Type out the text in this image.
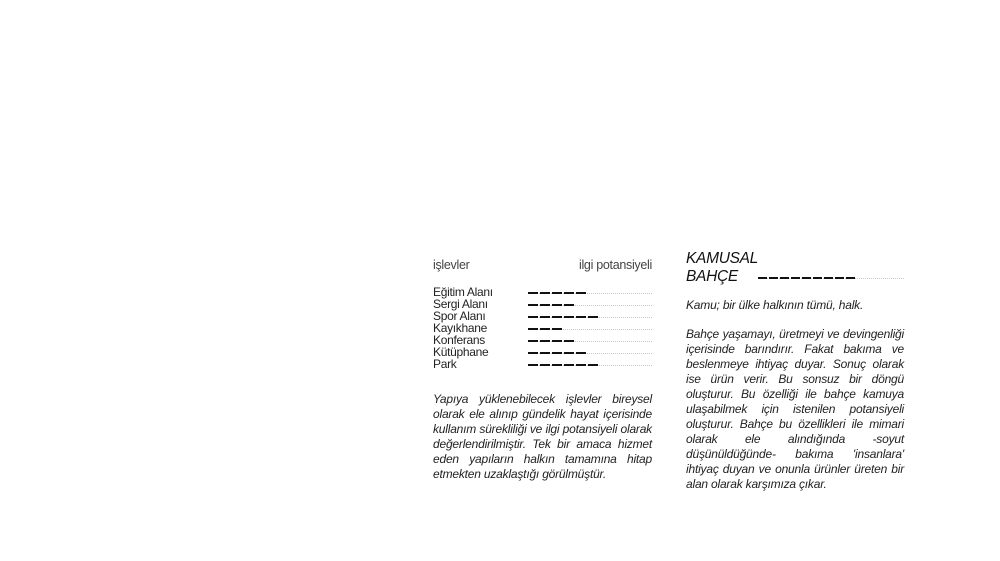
işlevler	ilgi potansiyeli
Eğitim Alanı
Sergi Alanı
Spor Alanı
Kayıkhane
Konferans
Kütüphane
Park

Yapıya yüklenebilecek işlevler bireysel olarak ele alınıp gündelik hayat içerisinde kullanım sürekliliği ve ilgi potansiyeli olarak değerlendirilmiştir. Tek bir amaca hizmet eden yapıların halkın tamamına hitap etmekten uzaklaştığı görülmüştür.

KAMUSAL
BAHÇE

Kamu; bir ülke halkının tümü, halk.

Bahçe yaşamayı, üretmeyi ve devingenliği içerisinde barındırır. Fakat bakıma ve beslenmeye ihtiyaç duyar. Sonuç olarak ise ürün verir. Bu sonsuz bir döngü oluşturur. Bu özelliği ile bahçe kamuya ulaşabilmek için istenilen potansiyeli oluşturur. Bahçe bu özellikleri ile mimari olarak ele alındığında -soyut düşünüldüğünde- bakıma 'insanlara' ihtiyaç duyan ve onunla ürünler üreten bir alan olarak karşımıza çıkar.
